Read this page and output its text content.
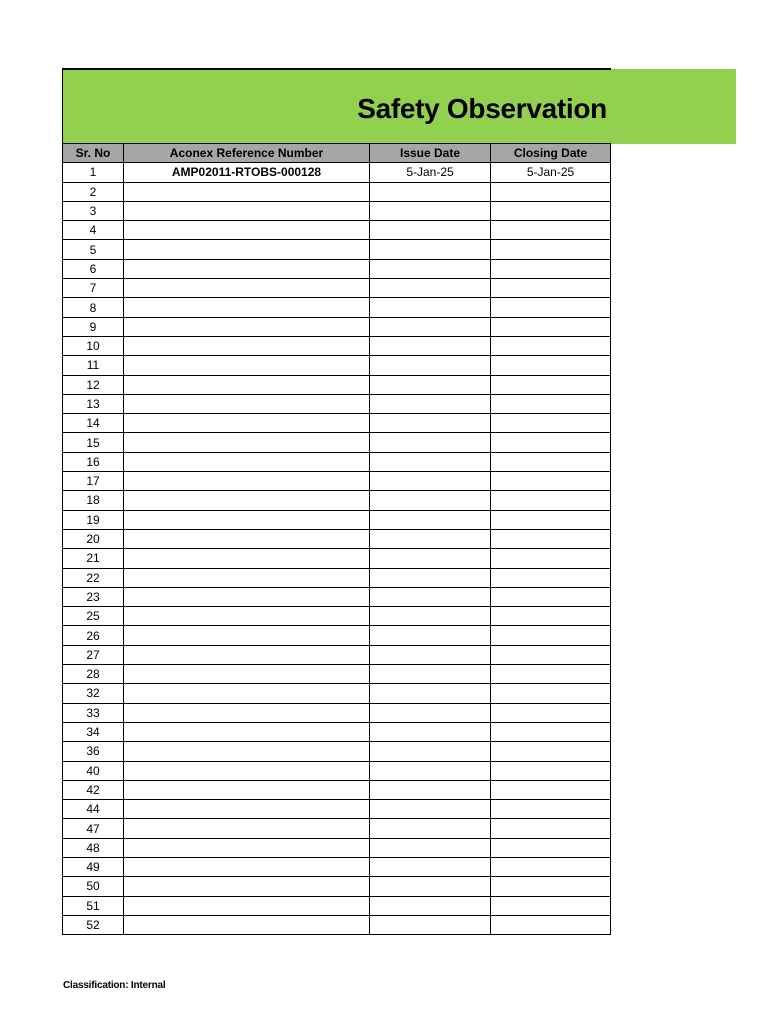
Safety Observation
Sr. No	Aconex Reference Number	Issue Date	Closing Date
1	AMP02011-RTOBS-000128	5-Jan-25	5-Jan-25
2			
3			
4			
5			
6			
7			
8			
9			
10			
11			
12			
13			
14			
15			
16			
17			
18			
19			
20			
21			
22			
23			
25			
26			
27			
28			
32			
33			
34			
36			
40			
42			
44			
47			
48			
49			
50			
51			
52			
Classification: Internal
